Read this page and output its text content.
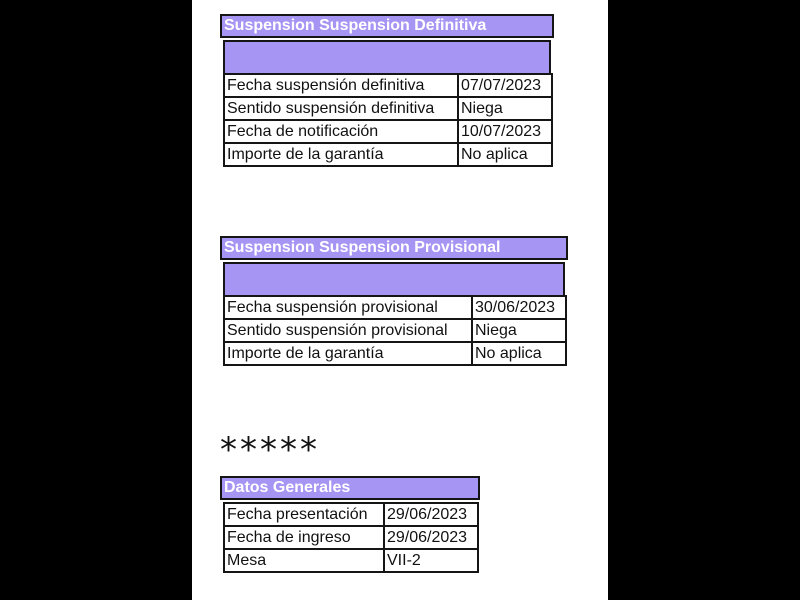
Suspension Suspension Definitiva
Fecha suspensión definitiva	07/07/2023
Sentido suspensión definitiva	Niega
Fecha de notificación	10/07/2023
Importe de la garantía	No aplica
Suspension Suspension Provisional
Fecha suspensión provisional	30/06/2023
Sentido suspensión provisional	Niega
Importe de la garantía	No aplica
*****
Datos Generales
Fecha presentación	29/06/2023
Fecha de ingreso	29/06/2023
Mesa	VII-2
